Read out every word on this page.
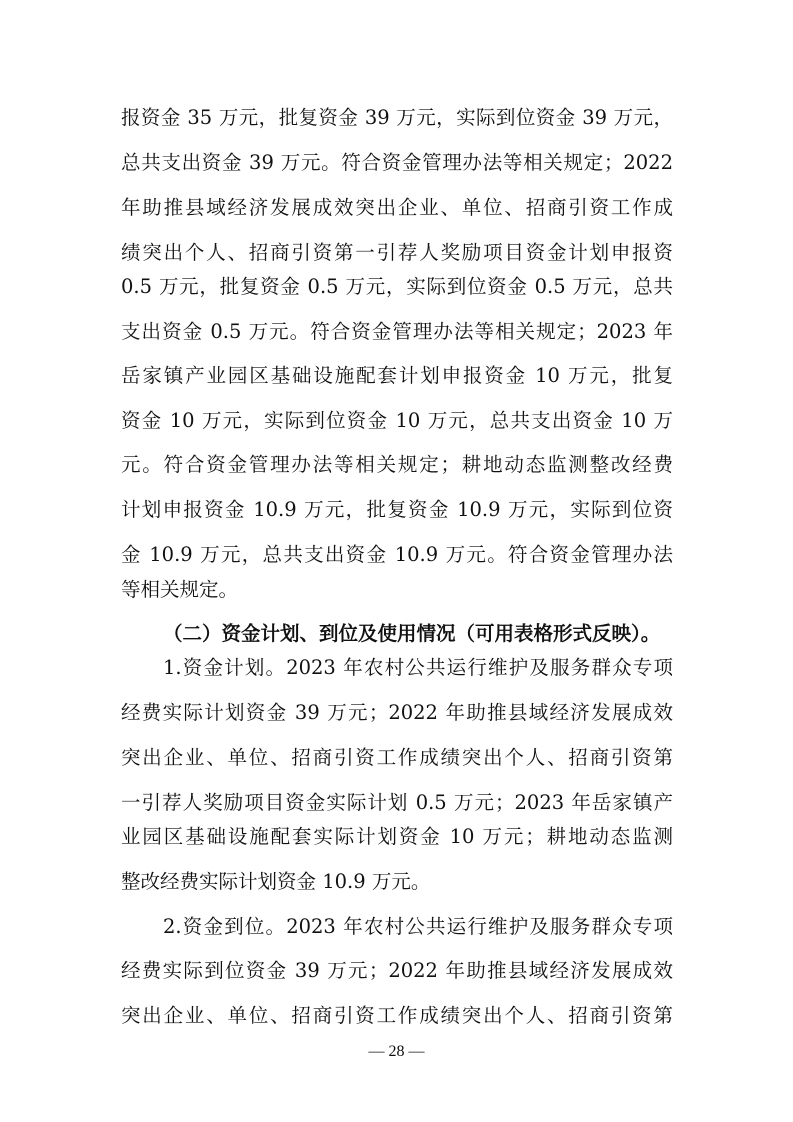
报资金 35 万元，批复资金 39 万元，实际到位资金 39 万元，
总共支出资金 39 万元。符合资金管理办法等相关规定；2022
年助推县域经济发展成效突出企业、单位、招商引资工作成
绩突出个人、招商引资第一引荐人奖励项目资金计划申报资
0.5 万元，批复资金 0.5 万元，实际到位资金 0.5 万元，总共
支出资金 0.5 万元。符合资金管理办法等相关规定；2023 年
岳家镇产业园区基础设施配套计划申报资金 10 万元，批复
资金 10 万元，实际到位资金 10 万元，总共支出资金 10 万
元。符合资金管理办法等相关规定；耕地动态监测整改经费
计划申报资金 10.9 万元，批复资金 10.9 万元，实际到位资
金 10.9 万元，总共支出资金 10.9 万元。符合资金管理办法
等相关规定。
（二）资金计划、到位及使用情况（可用表格形式反映）。
1.资金计划。2023 年农村公共运行维护及服务群众专项
经费实际计划资金 39 万元；2022 年助推县域经济发展成效
突出企业、单位、招商引资工作成绩突出个人、招商引资第
一引荐人奖励项目资金实际计划 0.5 万元；2023 年岳家镇产
业园区基础设施配套实际计划资金 10 万元；耕地动态监测
整改经费实际计划资金 10.9 万元。
2.资金到位。2023 年农村公共运行维护及服务群众专项
经费实际到位资金 39 万元；2022 年助推县域经济发展成效
突出企业、单位、招商引资工作成绩突出个人、招商引资第
— 28 —
